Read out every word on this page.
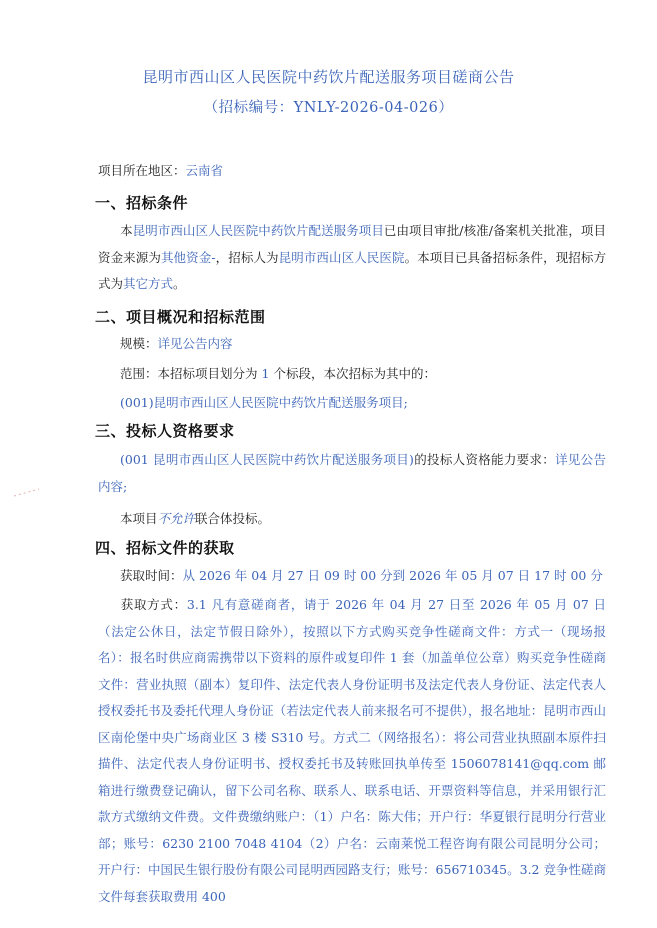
昆明市西山区人民医院中药饮片配送服务项目磋商公告
（招标编号：YNLY-2026-04-026）
项目所在地区：云南省
一、招标条件
本昆明市西山区人民医院中药饮片配送服务项目已由项目审批/核准/备案机关批准，项目资金来源为其他资金-，招标人为昆明市西山区人民医院。本项目已具备招标条件，现招标方式为其它方式。
二、项目概况和招标范围
规模：详见公告内容
范围：本招标项目划分为 1 个标段，本次招标为其中的：
(001)昆明市西山区人民医院中药饮片配送服务项目;
三、投标人资格要求
(001 昆明市西山区人民医院中药饮片配送服务项目)的投标人资格能力要求：详见公告内容;
本项目不允许联合体投标。
四、招标文件的获取
获取时间：从 2026 年 04 月 27 日 09 时 00 分到 2026 年 05 月 07 日 17 时 00 分
获取方式：3.1 凡有意磋商者，请于 2026 年 04 月 27 日至 2026 年 05 月 07 日（法定公休日，法定节假日除外），按照以下方式购买竞争性磋商文件：方式一（现场报名）：报名时供应商需携带以下资料的原件或复印件 1 套（加盖单位公章）购买竞争性磋商文件：营业执照（副本）复印件、法定代表人身份证明书及法定代表人身份证、法定代表人授权委托书及委托代理人身份证（若法定代表人前来报名可不提供），报名地址：昆明市西山区南伦堡中央广场商业区 3 楼 S310 号。方式二（网络报名）：将公司营业执照副本原件扫描件、法定代表人身份证明书、授权委托书及转账回执单传至 1506078141@qq.com 邮箱进行缴费登记确认，留下公司名称、联系人、联系电话、开票资料等信息，并采用银行汇款方式缴纳文件费。文件费缴纳账户：（1）户名：陈大伟；开户行：华夏银行昆明分行营业部；账号：6230 2100 7048 4104（2）户名：云南莱悦工程咨询有限公司昆明分公司；开户行：中国民生银行股份有限公司昆明西园路支行；账号：656710345。3.2 竞争性磋商文件每套获取费用 400
